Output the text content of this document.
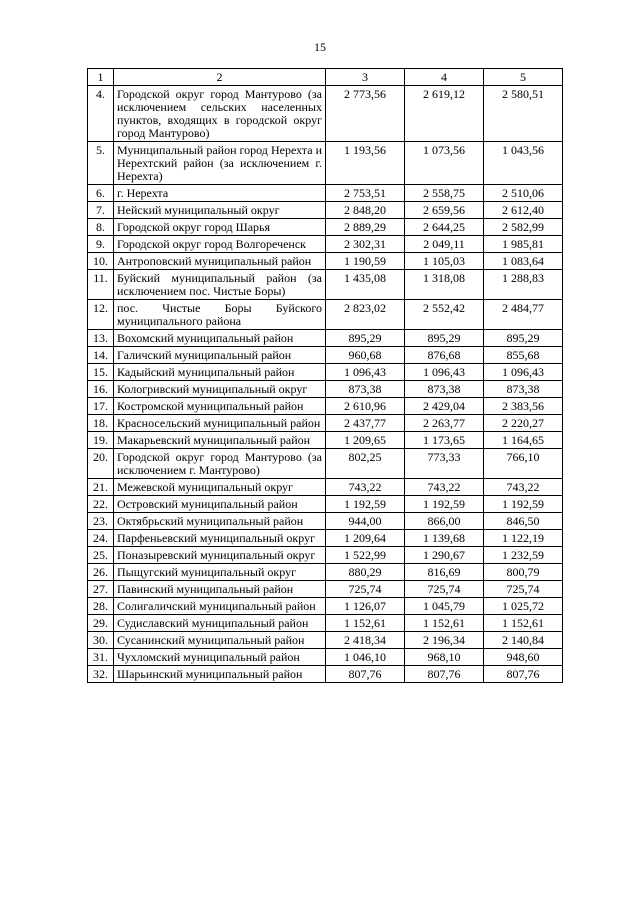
15
1	2	3	4	5
4.	Городской округ город Мантурово (за исключением сельских населенных пунктов, входящих в городской округ город Мантурово)	2 773,56	2 619,12	2 580,51
5.	Муниципальный район город Нерехта и Нерехтский район (за исключением г. Нерехта)	1 193,56	1 073,56	1 043,56
6.	г. Нерехта	2 753,51	2 558,75	2 510,06
7.	Нейский муниципальный округ	2 848,20	2 659,56	2 612,40
8.	Городской округ город Шарья	2 889,29	2 644,25	2 582,99
9.	Городской округ город Волгореченск	2 302,31	2 049,11	1 985,81
10.	Антроповский муниципальный район	1 190,59	1 105,03	1 083,64
11.	Буйский муниципальный район (за исключением пос. Чистые Боры)	1 435,08	1 318,08	1 288,83
12.	пос. Чистые Боры Буйского муниципального района	2 823,02	2 552,42	2 484,77
13.	Вохомский муниципальный район	895,29	895,29	895,29
14.	Галичский муниципальный район	960,68	876,68	855,68
15.	Кадыйский муниципальный район	1 096,43	1 096,43	1 096,43
16.	Кологривский муниципальный округ	873,38	873,38	873,38
17.	Костромской муниципальный район	2 610,96	2 429,04	2 383,56
18.	Красносельский муниципальный район	2 437,77	2 263,77	2 220,27
19.	Макарьевский муниципальный район	1 209,65	1 173,65	1 164,65
20.	Городской округ город Мантурово (за исключением г. Мантурово)	802,25	773,33	766,10
21.	Межевской муниципальный округ	743,22	743,22	743,22
22.	Островский муниципальный район	1 192,59	1 192,59	1 192,59
23.	Октябрьский муниципальный район	944,00	866,00	846,50
24.	Парфеньевский муниципальный округ	1 209,64	1 139,68	1 122,19
25.	Поназыревский муниципальный округ	1 522,99	1 290,67	1 232,59
26.	Пыщугский муниципальный округ	880,29	816,69	800,79
27.	Павинский муниципальный район	725,74	725,74	725,74
28.	Солигаличский муниципальный район	1 126,07	1 045,79	1 025,72
29.	Судиславский муниципальный район	1 152,61	1 152,61	1 152,61
30.	Сусанинский муниципальный район	2 418,34	2 196,34	2 140,84
31.	Чухломский муниципальный район	1 046,10	968,10	948,60
32.	Шарьинский муниципальный район	807,76	807,76	807,76
